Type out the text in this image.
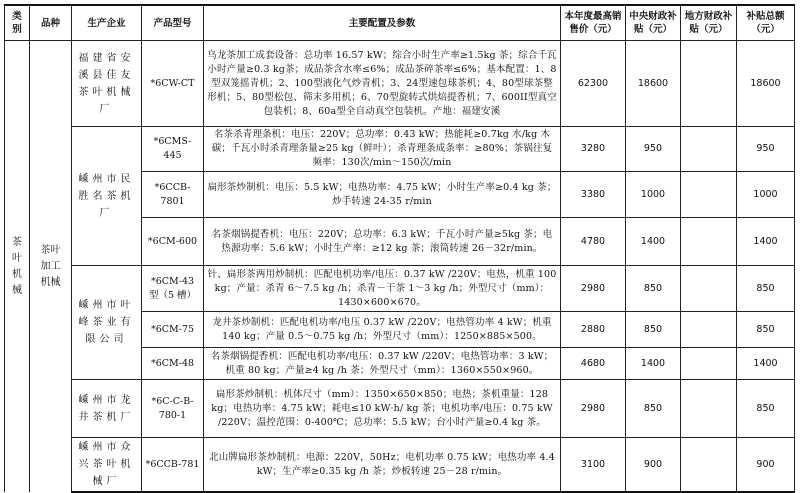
类别	品种	生产企业	产品型号	主要配置及参数	本年度最高销售价（元）	中央财政补贴（元）	地方财政补贴（元）	补贴总额（元）
茶叶机械	茶叶加工机械	福建省安溪县佳友茶叶机械厂	*6CW-CT	乌龙茶加工成套设备：总功率 16.57 kW；综合小时生产率≥1.5kg 茶；综合千瓦小时产量≥0.3 kg茶；成品茶含水率≤6%；成品茶碎茶率≤6%；基本配置：1、8型双笼摇青机；2、100型液化气炒青机；3、24型速包球茶机；4、80型球茶整形机；5、80型松包、筛末多用机；6、70型旋转式烘焙提香机；7、600II型真空包装机；8、60a型全自动真空包装机。产地：福建安溪	62300	18600		18600
		嵊州市民胜名茶机厂	*6CMS-445	名茶杀青理条机：电压：220V；总功率：0.43 kW；热能耗≥0.7kg 水/kg 木碳；千瓦小时杀青理条量≥25 kg（鲜叶）；杀青理条成条率：≥80%；茶锅往复频率：130次/min～150次/min	3280	950		950
			*6CCB-7801	扁形茶炒制机：电压：5.5 kW；电热功率：4.75 kW；小时生产率≥0.4 kg 茶；炒手转速 24-35 r/min	3380	1000		1000
			*6CM-600	名茶烟锅提香机：电压：220V；总功率：6.3 kW；千瓦小时产量≥5kg 茶；电热源功率：5.6 kW；小时生产率：≥12 kg 茶；滚筒转速 26－32r/min。	4780	1400		1400
		嵊州市叶峰茶业有限公司	*6CM-43 型（5 槽）	针、扁形茶两用炒制机：匹配电机功率/电压：0.37 kW /220V；电热，机重 100 kg；产量：杀青 6～7.5 kg /h；杀青－干茶 1～3 kg /h；外型尺寸（mm）：1430×600×670。	2980	850		850
			*6CM-75	龙井茶炒制机：匹配电机功率/电压 0.37 kW /220V；电热管功率 4 kW；机重 140 kg；产量 0.5～0.75 kg /h；外型尺寸（mm）：1250×885×500。	2880	850		850
			*6CM-48	名茶烟锅提香机：匹配电机功率/电压：0.37 kW /220V；电热管功率：3 kW；机重 80 kg；产量≥4 kg /h 茶；外型尺寸（mm）：1360×550×960。	4680	1400		1400
		嵊州市龙井茶机厂	*6C-C-B-780-1	扁形茶炒制机：机体尺寸（mm）：1350×650×850；电热；茶机重量：128 kg；电热功率：4.75 kW；耗电≤10 kW·h/ kg 茶；电机功率/电压：0.75 kW /220V；温控范围：0-400℃；总功率：5.5 kW；台小时产量≥0.4 kg 茶。	2980	850		850
		嵊州市众兴茶叶机械厂	*6CCB-781	北山牌扁形茶炒制机：电源：220V，50Hz；电机功率 0.75 kW；电热功率 4.4 kW；生产率≥0.35 kg /h 茶；炒板转速 25－28 r/min。	3100	900		900
